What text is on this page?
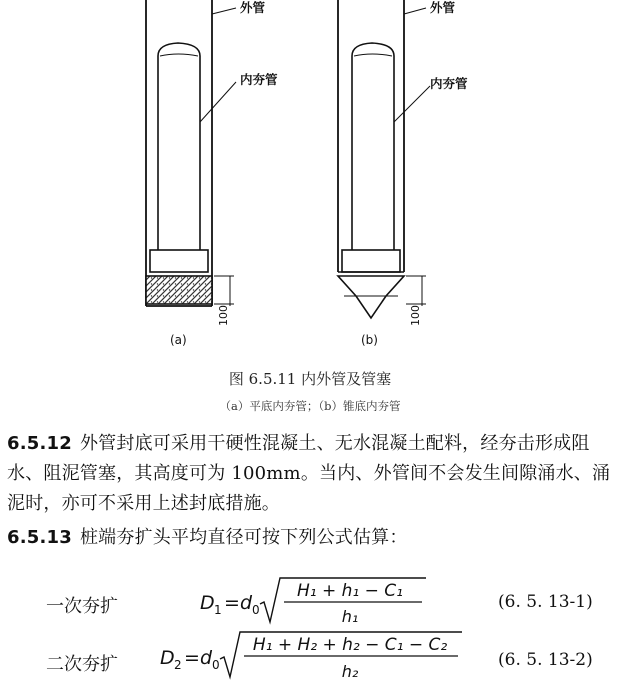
外管
内夯管
100
(a)
外管
内夯管
100
(b)
图 6.5.11 内外管及管塞
（a）平底内夯管；（b）锥底内夯管
6.5.12 外管封底可采用干硬性混凝土、无水混凝土配料，经夯击形成阻水、阻泥管塞，其高度可为 100mm。当内、外管间不会发生间隙涌水、涌泥时，亦可不采用上述封底措施。
6.5.13 桩端夯扩头平均直径可按下列公式估算：
一次夯扩	D 1 = d 0
H₁ + h₁ − C₁
h₁
(6. 5. 13-1)
二次夯扩 D 2 = d 0
H₁ + H₂ + h₂ − C₁ − C₂
h₂
(6. 5. 13-2)
